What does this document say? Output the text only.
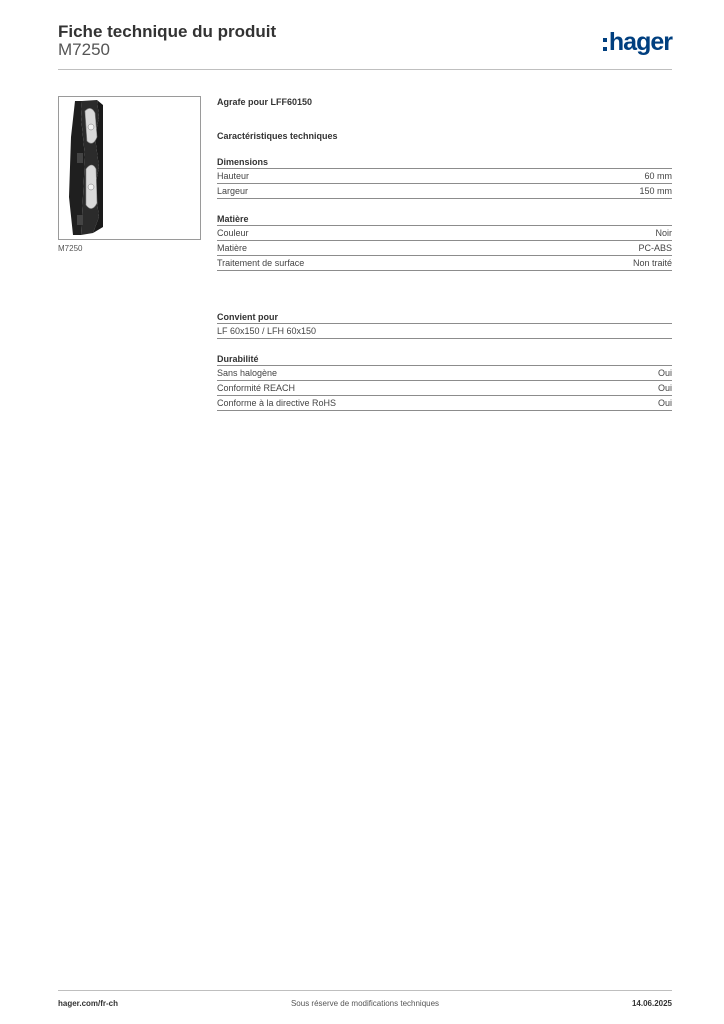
Fiche technique du produit
M7250	hager
M7250
Agrafe pour LFF60150
Caractéristiques techniques
Dimensions
Hauteur	60 mm
Largeur	150 mm
Matière
Couleur	Noir
Matière	PC-ABS
Traitement de surface	Non traité
Convient pour
LF 60x150 / LFH 60x150
Durabilité
Sans halogène	Oui
Conformité REACH	Oui
Conforme à la directive RoHS	Oui
hager.com/fr-ch	Sous réserve de modifications techniques	14.06.2025
